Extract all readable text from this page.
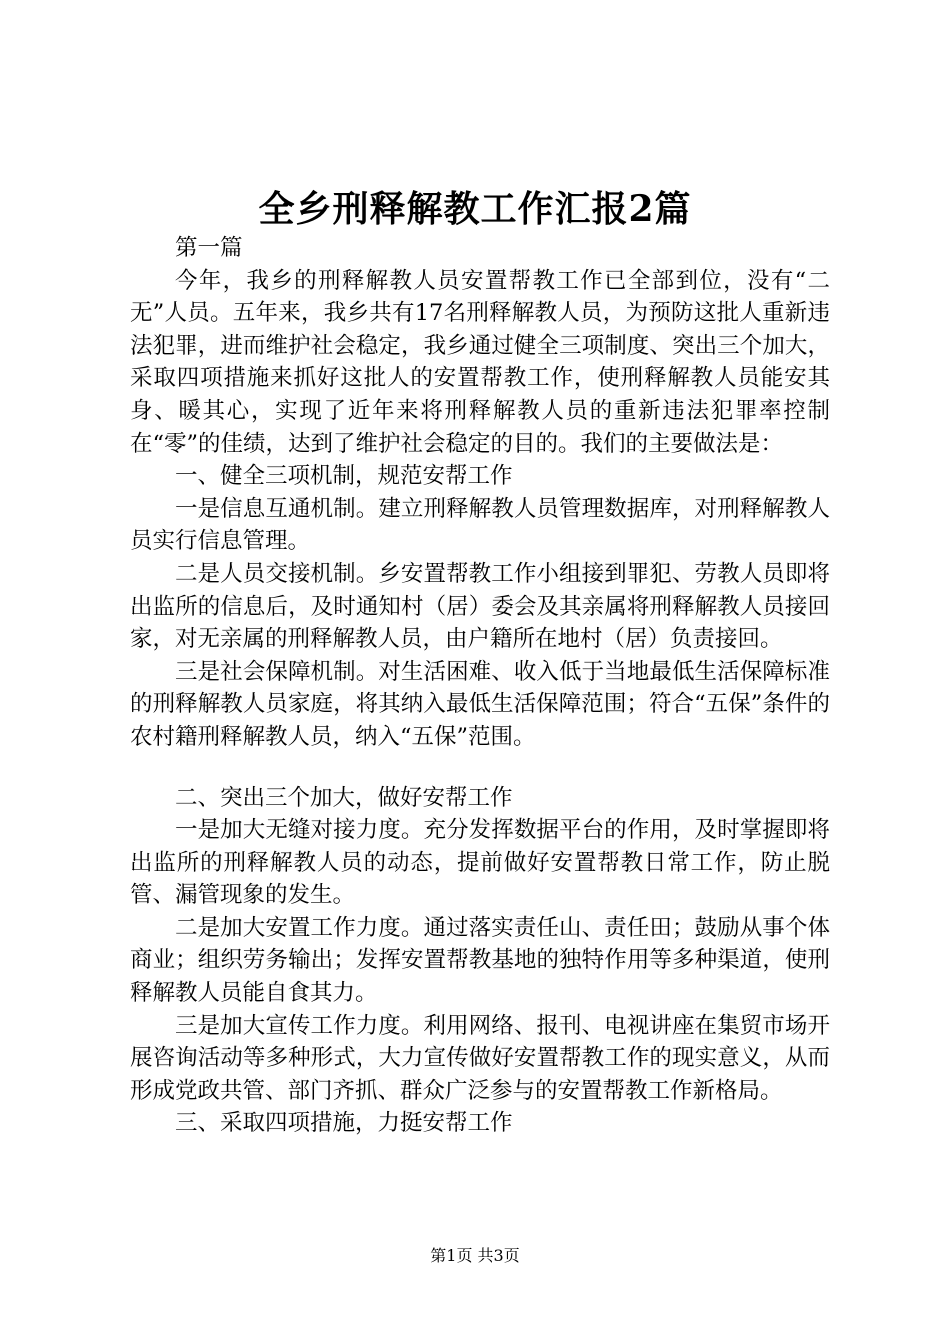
全乡刑释解教工作汇报2篇

第一篇

今年，我乡的刑释解教人员安置帮教工作已全部到位，没有“二无”人员。五年来，我乡共有17名刑释解教人员，为预防这批人重新违法犯罪，进而维护社会稳定，我乡通过健全三项制度、突出三个加大，采取四项措施来抓好这批人的安置帮教工作，使刑释解教人员能安其身、暖其心，实现了近年来将刑释解教人员的重新违法犯罪率控制在“零”的佳绩，达到了维护社会稳定的目的。我们的主要做法是：

一、健全三项机制，规范安帮工作

一是信息互通机制。建立刑释解教人员管理数据库，对刑释解教人员实行信息管理。

二是人员交接机制。乡安置帮教工作小组接到罪犯、劳教人员即将出监所的信息后，及时通知村（居）委会及其亲属将刑释解教人员接回家，对无亲属的刑释解教人员，由户籍所在地村（居）负责接回。

三是社会保障机制。对生活困难、收入低于当地最低生活保障标准的刑释解教人员家庭，将其纳入最低生活保障范围；符合“五保”条件的农村籍刑释解教人员，纳入“五保”范围。

二、突出三个加大，做好安帮工作

一是加大无缝对接力度。充分发挥数据平台的作用，及时掌握即将出监所的刑释解教人员的动态，提前做好安置帮教日常工作，防止脱管、漏管现象的发生。

二是加大安置工作力度。通过落实责任山、责任田；鼓励从事个体商业；组织劳务输出；发挥安置帮教基地的独特作用等多种渠道，使刑释解教人员能自食其力。

三是加大宣传工作力度。利用网络、报刊、电视讲座在集贸市场开展咨询活动等多种形式，大力宣传做好安置帮教工作的现实意义，从而形成党政共管、部门齐抓、群众广泛参与的安置帮教工作新格局。

三、采取四项措施，力挺安帮工作

第1页 共3页
